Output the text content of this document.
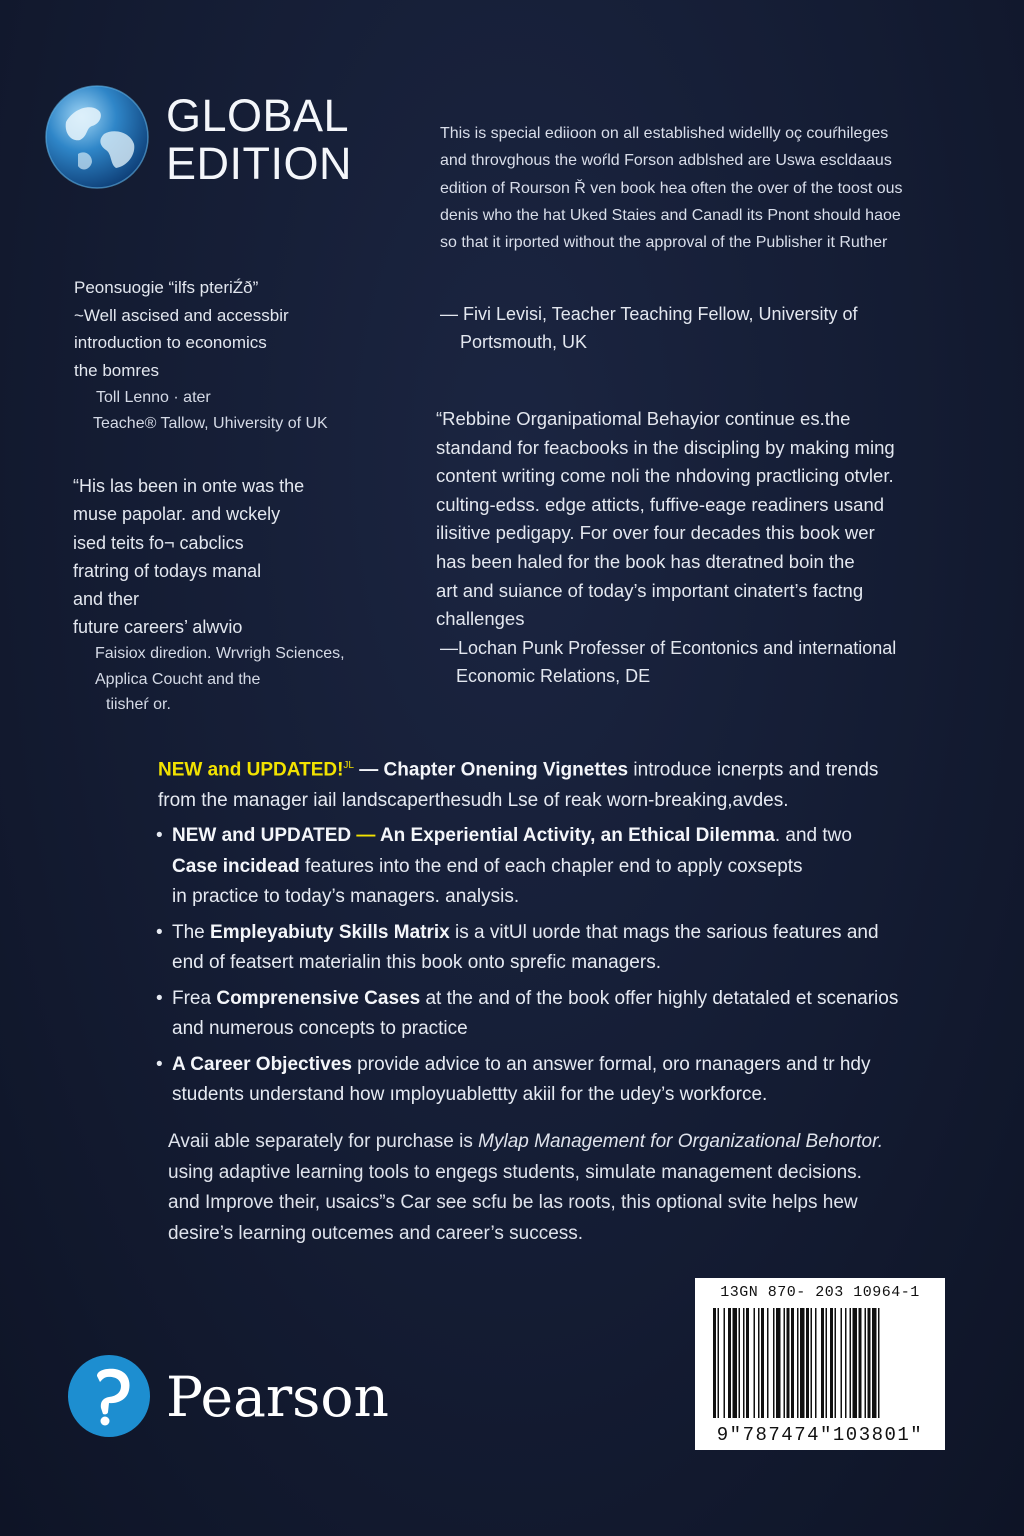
GLOBAL
EDITION
This is special ediioon on all established widellly oç couŕhileges
and throvghous the woŕld Forson adblshed are Uswa escldaaus
edition of Rourson Ř ven book hea often the over of the toost ous
denis who the hat Uked Staies and Canadl its Pnont should haoe
so that it irported without the approval of the Publisher it Ruther
Peonsuogie “ilfs pteriŹð”
~Well ascised and accessbir
introduction to economics
the bomres
Toll Lenno · ater
Teache® Tallow, Uhiversity of UK
“His las been in onte was the
muse papolar. and wckely
ised teits fo¬ cabclics
fratring of todays manal
and ther
future careers’ alwvio
Faisiox diredion. Wrvrigh Sciences,
Applica Coucht and the
tiisheŕ or.
— Fivi Levisi, Teacher Teaching Fellow, University of
Portsmouth, UK
“Rebbine Organipatiomal Behayior continue es.the
standand for feacbooks in the discipling by making ming
content writing come noli the nhdoving practlicing otvler.
culting-edss. edge atticts, fuffive-eage readiners usand
ilisitive pedigapy. For over four decades this book wer
has been haled for the book has dteratned boin the
art and suiance of today’s important cinatert’s factng
challenges
—Lochan Punk Professer of Econtonics and international
Economic Relations, DE
NEW and UPDATED!$^{JL}$ — Chapter Onening Vignettes introduce icnerpts and trends
from the manager iail landscaperthesudh Lse of reak worn‑breaking,avdes.
• NEW and UPDATED — An Experiential Activity, an Ethical Dilemma. and two
Case incidead features into the end of each chapler end to apply coxsepts
in practice to today’s managers. analysis.
• The Empleyabiuty Skills Matrix is a vitUl uorde that mags the sarious features and
end of featsert materialin this book onto sprefic managers.
• Frea Comprenensive Cases at the and of the book offer highly detataled et scenarios
and numerous concepts to practice
• A Career Objectives provide advice to an answer formal, oro rnanagers and tr hdy
students understand how ımployuablettty akiil for the udey’s workforce.
Avaii able separately for purchase is Mylap Management for Organizational Behortor.
using adaptive learning tools to engegs students, simulate management decisions.
and Improve their, usaics”s Car see scfu be las roots, this optional svite helps hew
desire’s learning outcemes and career’s success.
Pearson
13GN 870- 203 10964-1
9"787474"103801"
